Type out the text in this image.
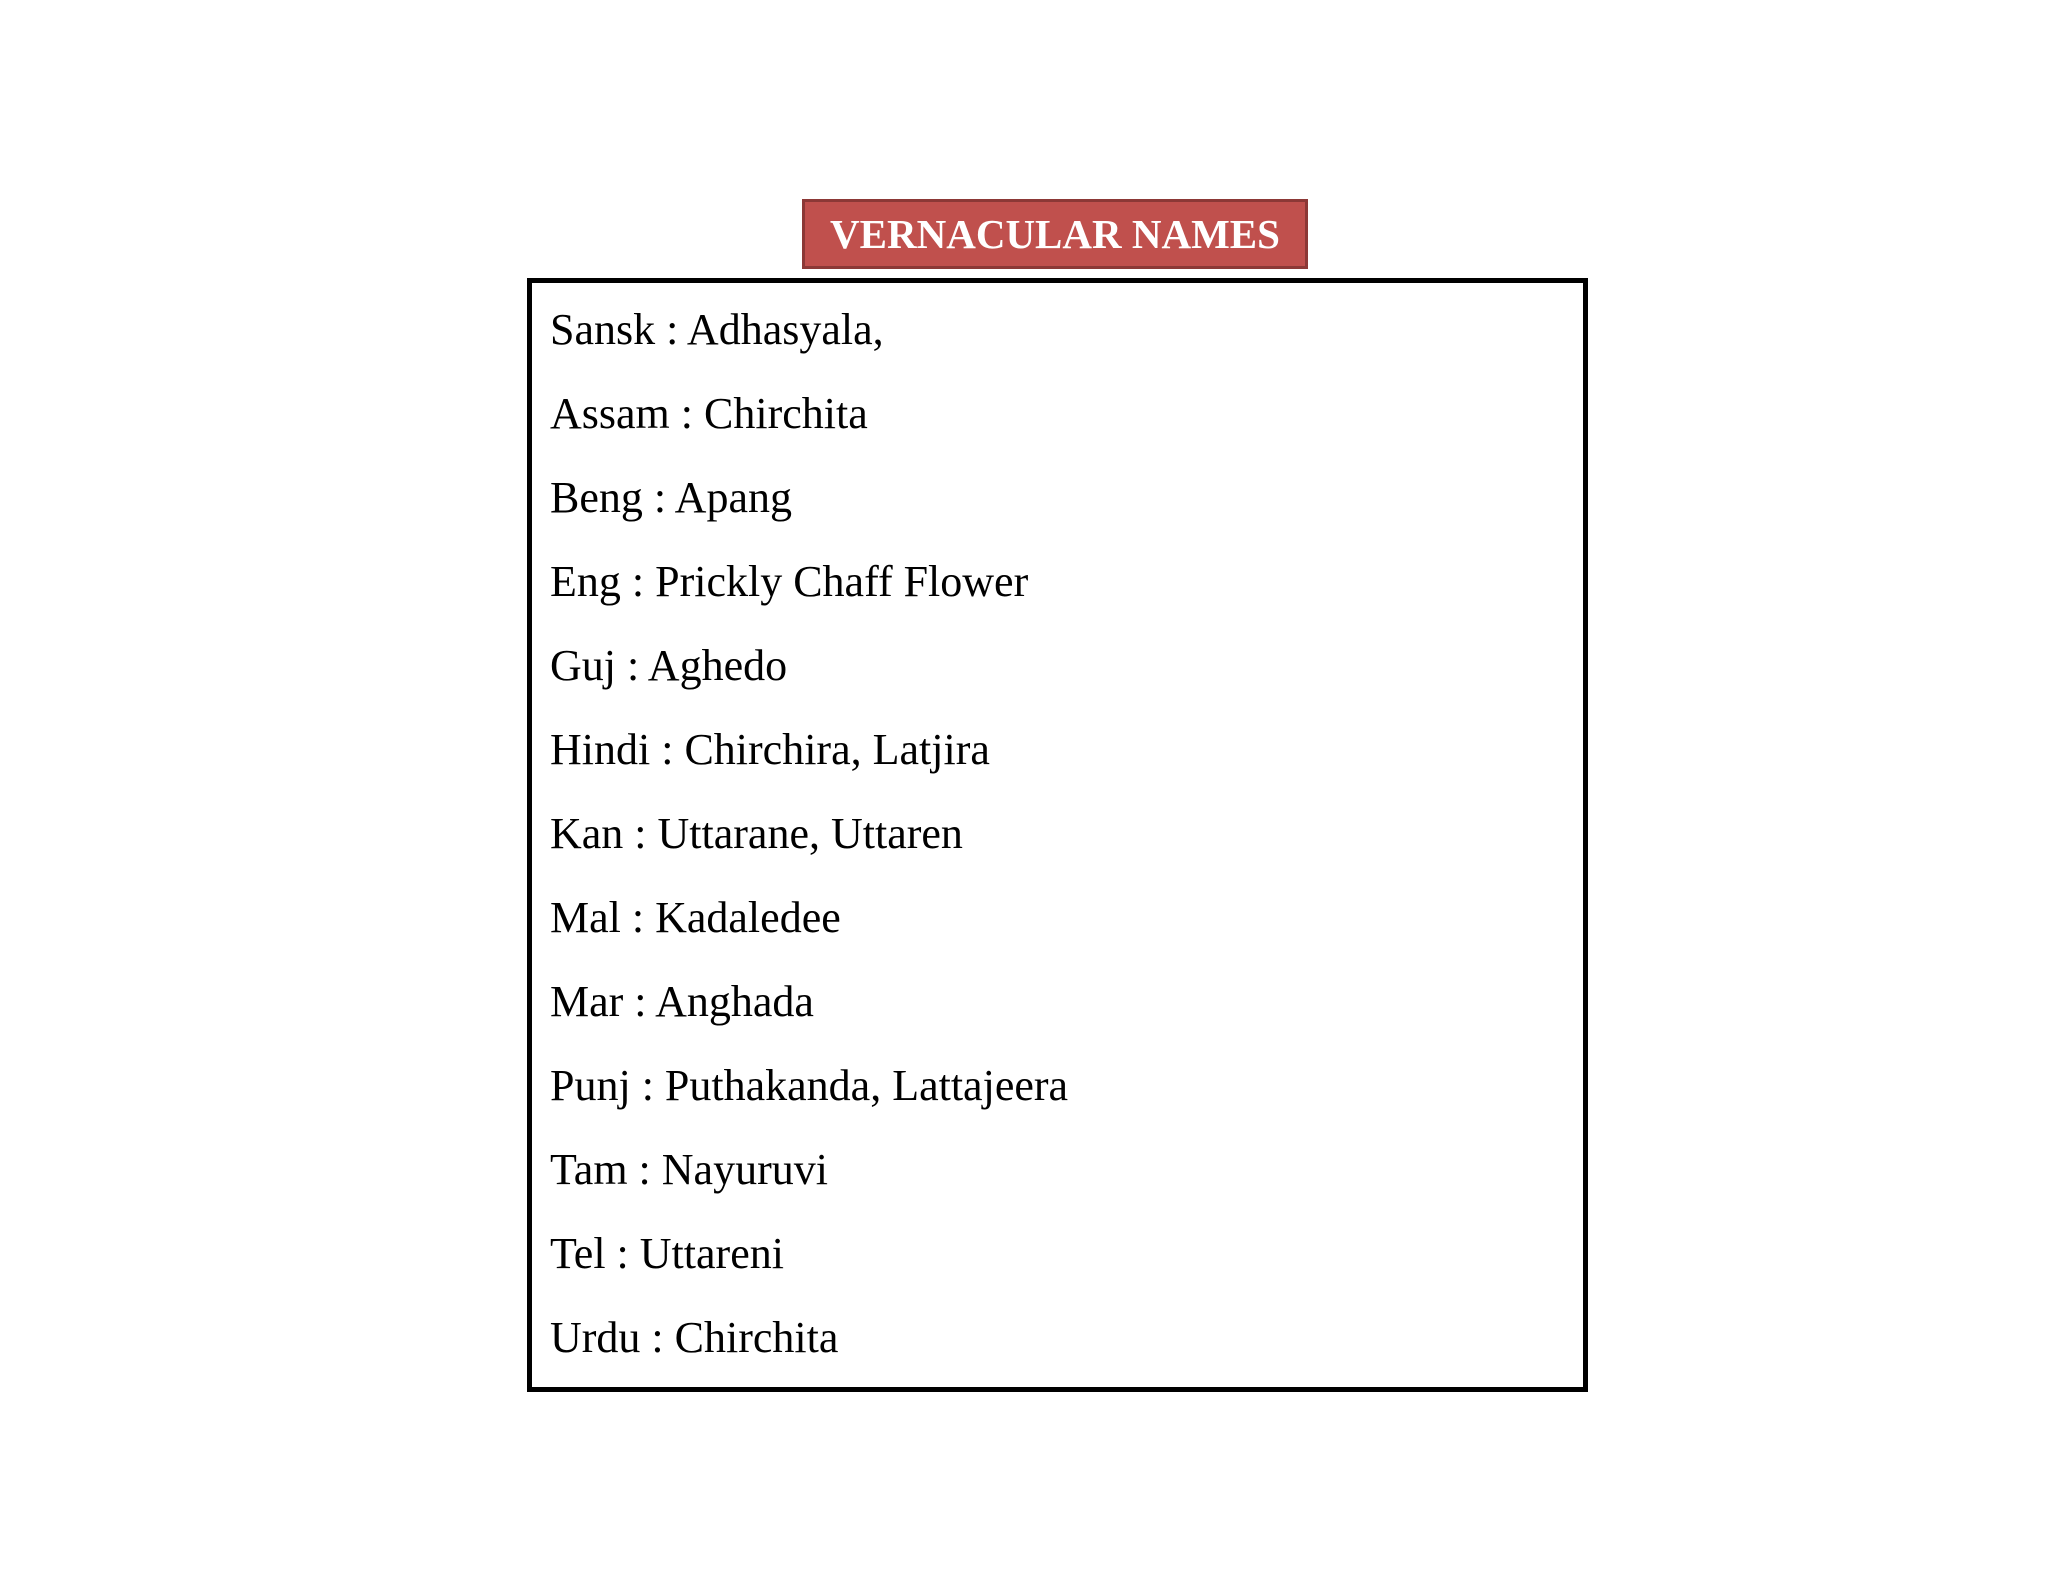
VERNACULAR NAMES
Sansk : Adhasyala,
Assam : Chirchita
Beng : Apang
Eng : Prickly Chaff Flower
Guj : Aghedo
Hindi : Chirchira, Latjira
Kan : Uttarane, Uttaren
Mal : Kadaledee
Mar : Anghada
Punj : Puthakanda, Lattajeera
Tam : Nayuruvi
Tel : Uttareni
Urdu : Chirchita
